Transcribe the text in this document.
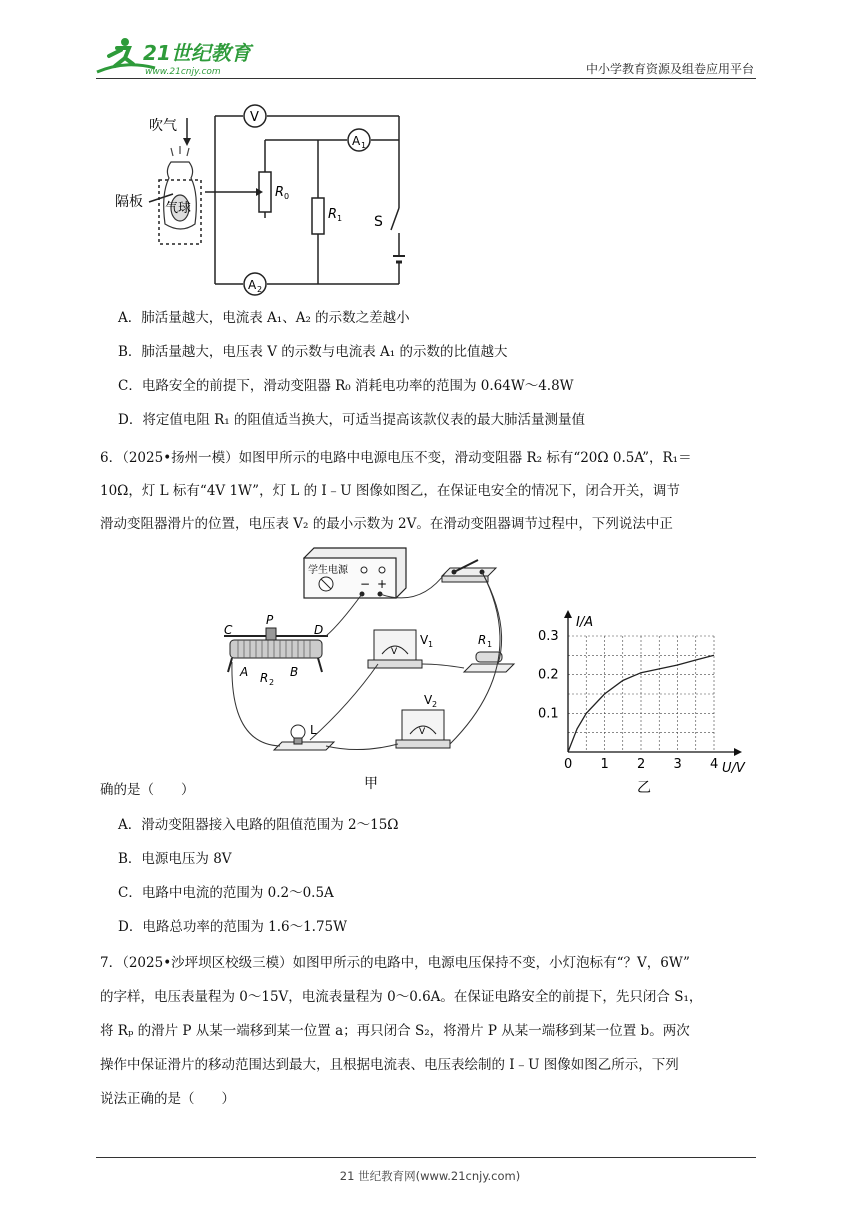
21世纪教育
www.21cnjy.com	中小学教育资源及组卷应用平台
V
A 1
A 2
吹气
隔板 气球
R 0
R 1 S
A．肺活量越大，电流表 A₁、A₂ 的示数之差越小
B．肺活量越大，电压表 V 的示数与电流表 A₁ 的示数的比值越大
C．电路安全的前提下，滑动变阻器 R₀ 消耗电功率的范围为 0.64W～4.8W
D．将定值电阻 R₁ 的阻值适当换大，可适当提高该款仪表的最大肺活量测量值
6．（2025•扬州一模）如图甲所示的电路中电源电压不变，滑动变阻器 R₂ 标有“20Ω 0.5A”，R₁＝
10Ω，灯 L 标有“4V 1W”，灯 L 的 I﹣U 图像如图乙，在保证电安全的情况下，闭合开关，调节
滑动变阻器滑片的位置，电压表 V₂ 的最小示数为 2V。在滑动变阻器调节过程中，下列说法中正
− +
学生电源
C
P
D
A	B
R 2
V
V 1	R 1
V
V 2
L
甲
0 1 2 3 4
0.1
0.2
0.3
U/V
I/A
乙
确的是（　　）
A．滑动变阻器接入电路的阻值范围为 2～15Ω
B．电源电压为 8V
C．电路中电流的范围为 0.2～0.5A
D．电路总功率的范围为 1.6～1.75W
7．（2025•沙坪坝区校级三模）如图甲所示的电路中，电源电压保持不变，小灯泡标有“？V，6W”
的字样，电压表量程为 0～15V，电流表量程为 0～0.6A。在保证电路安全的前提下，先只闭合 S₁，
将 Rₚ 的滑片 P 从某一端移到某一位置 a；再只闭合 S₂，将滑片 P 从某一端移到某一位置 b。两次
操作中保证滑片的移动范围达到最大，且根据电流表、电压表绘制的 I﹣U 图像如图乙所示，下列
说法正确的是（　　）
21 世纪教育网(www.21cnjy.com)
